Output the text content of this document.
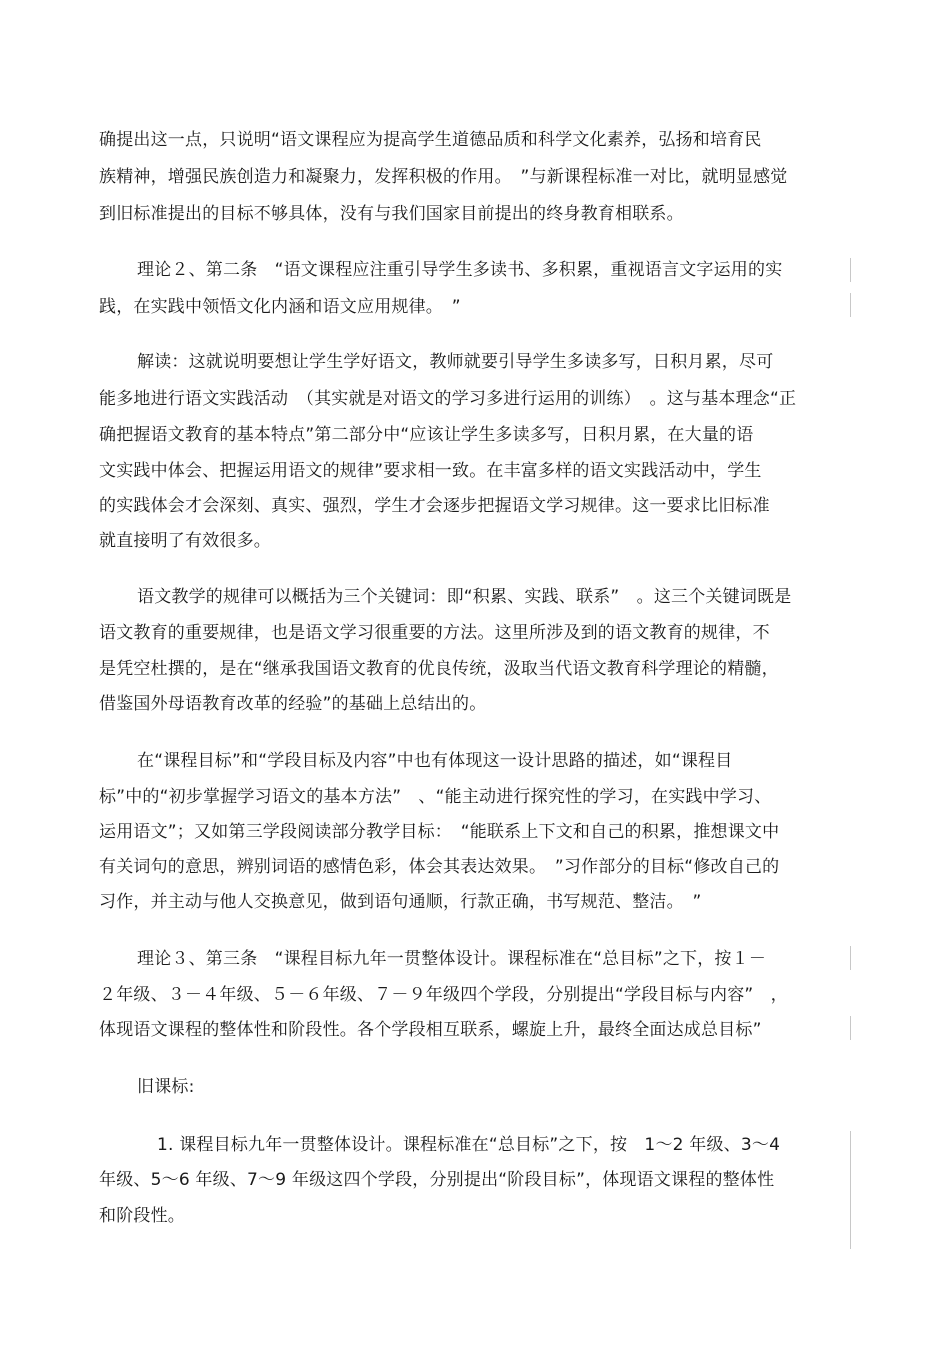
确提出这一点，只说明“语文课程应为提高学生道德品质和科学文化素养，弘扬和培育民
族精神，增强民族创造力和凝聚力，发挥积极的作用。　”与新课程标准一对比，就明显感觉
到旧标准提出的目标不够具体，没有与我们国家目前提出的终身教育相联系。
理论２、第二条　“语文课程应注重引导学生多读书、多积累，重视语言文字运用的实
践，在实践中领悟文化内涵和语文应用规律。　”
解读：这就说明要想让学生学好语文，教师就要引导学生多读多写，日积月累，尽可
能多地进行语文实践活动　（其实就是对语文的学习多进行运用的训练）　。这与基本理念“正
确把握语文教育的基本特点”第二部分中“应该让学生多读多写，日积月累，在大量的语
文实践中体会、把握运用语文的规律”要求相一致。在丰富多样的语文实践活动中，学生
的实践体会才会深刻、真实、强烈，学生才会逐步把握语文学习规律。这一要求比旧标准
就直接明了有效很多。
语文教学的规律可以概括为三个关键词：即“积累、实践、联系”　。这三个关键词既是
语文教育的重要规律，也是语文学习很重要的方法。这里所涉及到的语文教育的规律，不
是凭空杜撰的，是在“继承我国语文教育的优良传统，汲取当代语文教育科学理论的精髓，
借鉴国外母语教育改革的经验”的基础上总结出的。
在“课程目标”和“学段目标及内容”中也有体现这一设计思路的描述，如“课程目
标”中的“初步掌握学习语文的基本方法”　、“能主动进行探究性的学习，在实践中学习、
运用语文”；又如第三学段阅读部分教学目标：　“能联系上下文和自己的积累，推想课文中
有关词句的意思，辨别词语的感情色彩，体会其表达效果。　”习作部分的目标“修改自己的
习作，并主动与他人交换意见，做到语句通顺，行款正确，书写规范、整洁。　”
理论３、第三条　“课程目标九年一贯整体设计。课程标准在“总目标”之下，按１－
２年级、３－４年级、５－６年级、７－９年级四个学段，分别提出“学段目标与内容”　，
体现语文课程的整体性和阶段性。各个学段相互联系，螺旋上升，最终全面达成总目标”
旧课标:
1. 课程目标九年一贯整体设计。课程标准在“总目标”之下，按　1～2 年级、3～4
年级、5～6 年级、7～9 年级这四个学段，分别提出“阶段目标”，体现语文课程的整体性
和阶段性。
